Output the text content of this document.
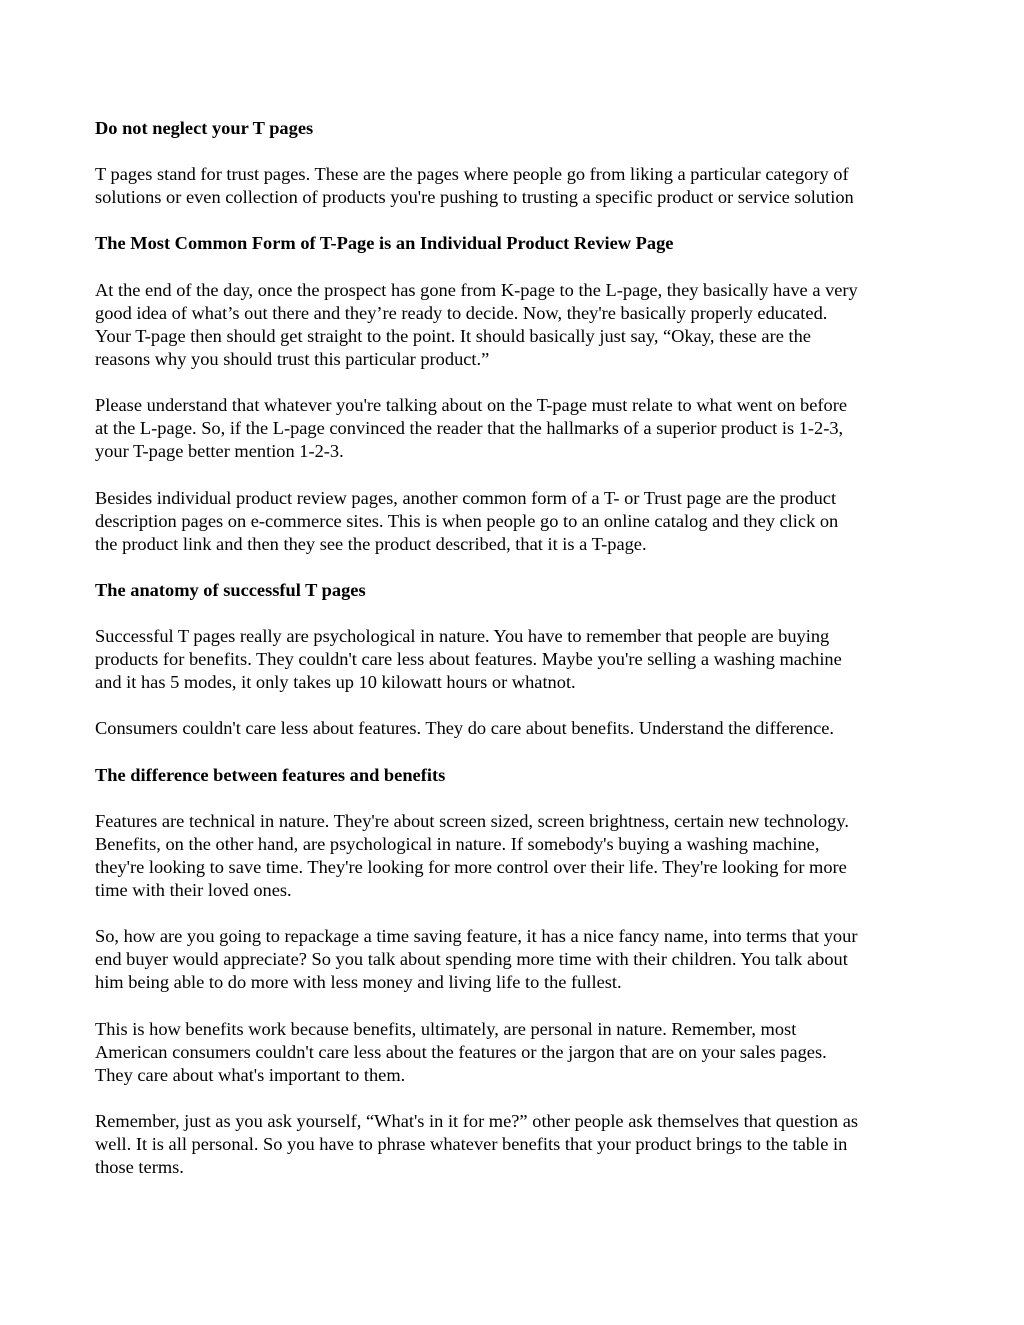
Do not neglect your T pages
T pages stand for trust pages. These are the pages where people go from liking a particular category of
solutions or even collection of products you're pushing to trusting a specific product or service solution
The Most Common Form of T-Page is an Individual Product Review Page
At the end of the day, once the prospect has gone from K-page to the L-page, they basically have a very
good idea of what’s out there and they’re ready to decide. Now, they're basically properly educated.
Your T-page then should get straight to the point. It should basically just say, “Okay, these are the
reasons why you should trust this particular product.”
Please understand that whatever you're talking about on the T-page must relate to what went on before
at the L-page. So, if the L-page convinced the reader that the hallmarks of a superior product is 1-2-3,
your T-page better mention 1-2-3.
Besides individual product review pages, another common form of a T- or Trust page are the product
description pages on e-commerce sites. This is when people go to an online catalog and they click on
the product link and then they see the product described, that it is a T-page.
The anatomy of successful T pages
Successful T pages really are psychological in nature. You have to remember that people are buying
products for benefits. They couldn't care less about features. Maybe you're selling a washing machine
and it has 5 modes, it only takes up 10 kilowatt hours or whatnot.
Consumers couldn't care less about features. They do care about benefits. Understand the difference.
The difference between features and benefits
Features are technical in nature. They're about screen sized, screen brightness, certain new technology.
Benefits, on the other hand, are psychological in nature. If somebody's buying a washing machine,
they're looking to save time. They're looking for more control over their life. They're looking for more
time with their loved ones.
So, how are you going to repackage a time saving feature, it has a nice fancy name, into terms that your
end buyer would appreciate? So you talk about spending more time with their children. You talk about
him being able to do more with less money and living life to the fullest.
This is how benefits work because benefits, ultimately, are personal in nature. Remember, most
American consumers couldn't care less about the features or the jargon that are on your sales pages.
They care about what's important to them.
Remember, just as you ask yourself, “What's in it for me?” other people ask themselves that question as
well. It is all personal. So you have to phrase whatever benefits that your product brings to the table in
those terms.
